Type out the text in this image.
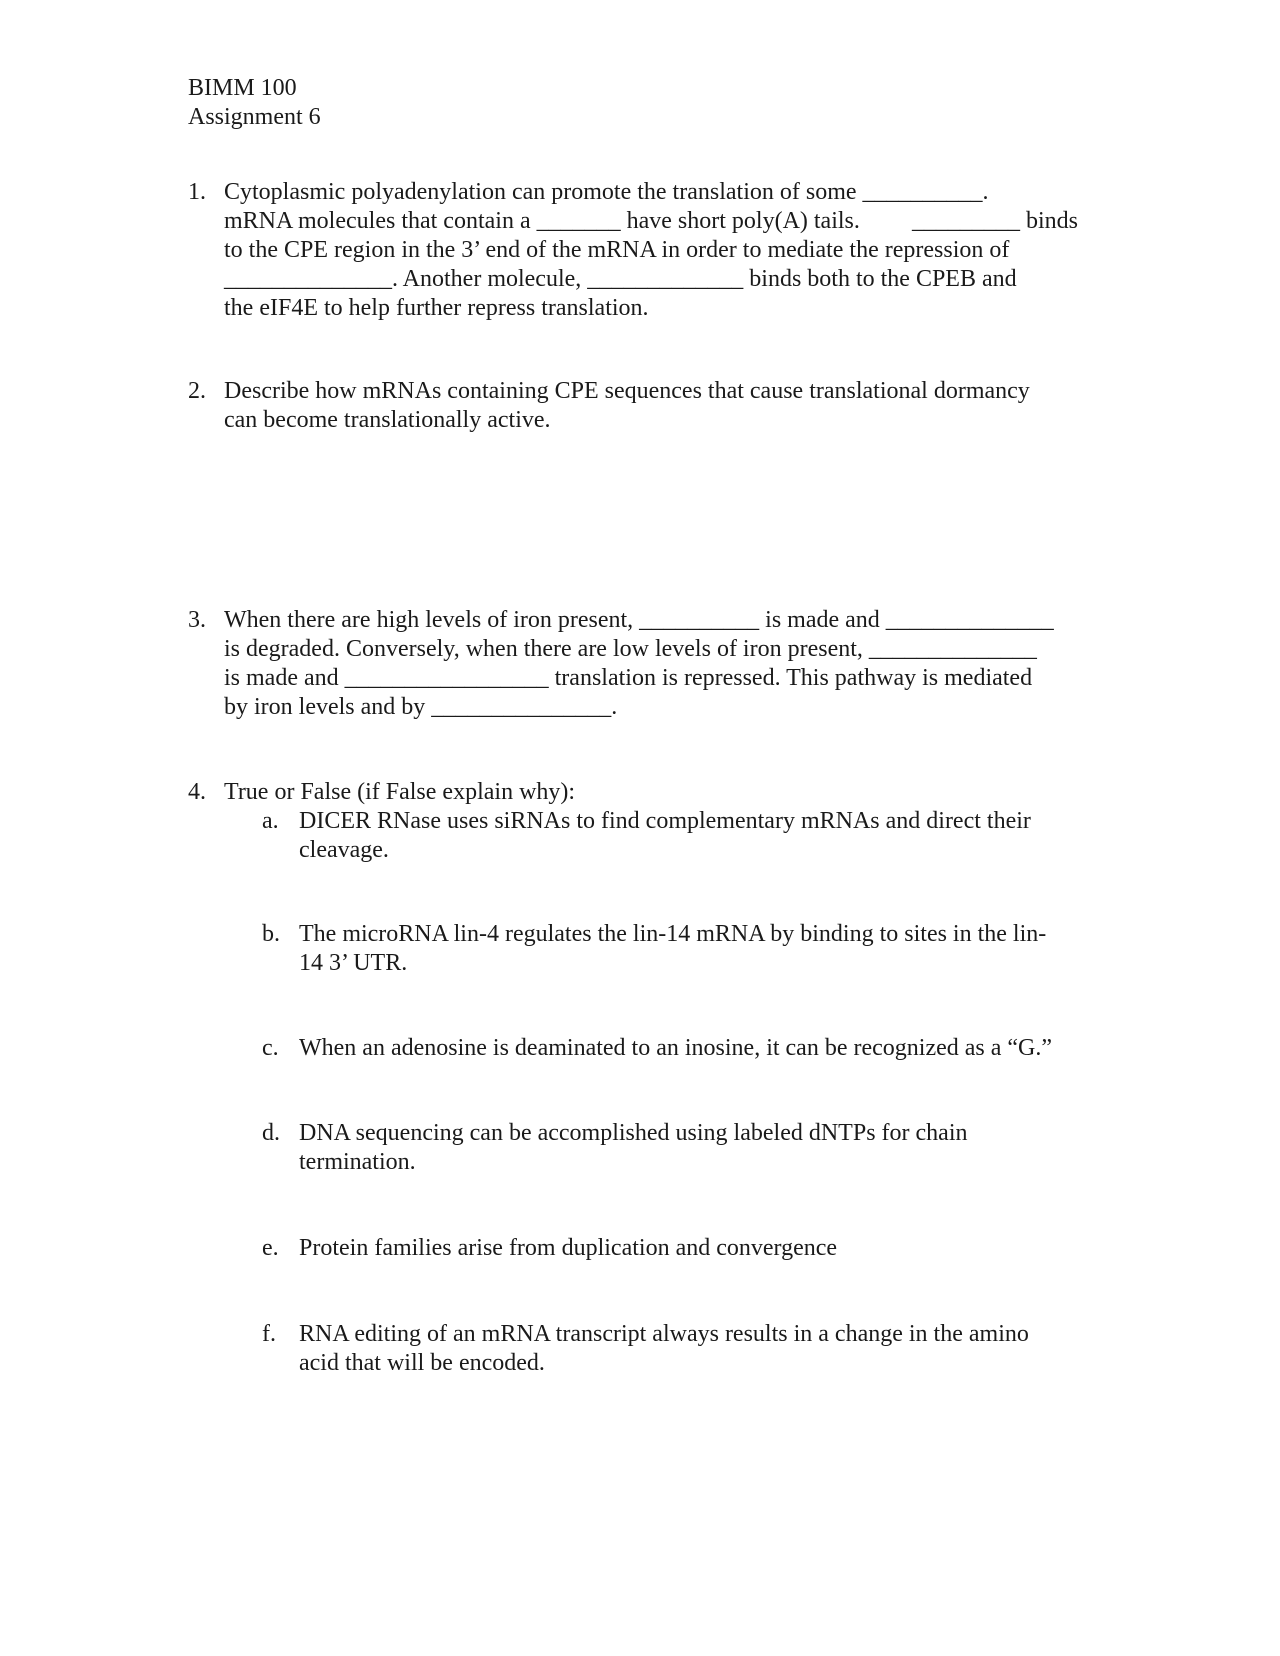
BIMM 100
Assignment 6
1. Cytoplasmic polyadenylation can promote the translation of some __________.
mRNA molecules that contain a _______ have short poly(A) tails. _________ binds
to the CPE region in the 3’ end of the mRNA in order to mediate the repression of
______________. Another molecule, _____________ binds both to the CPEB and
the eIF4E to help further repress translation.
2. Describe how mRNAs containing CPE sequences that cause translational dormancy
can become translationally active.
3. When there are high levels of iron present, __________ is made and ______________
is degraded. Conversely, when there are low levels of iron present, ______________
is made and _________________ translation is repressed. This pathway is mediated
by iron levels and by _______________.
4. True or False (if False explain why):
a. DICER RNase uses siRNAs to find complementary mRNAs and direct their
cleavage.
b. The microRNA lin-4 regulates the lin-14 mRNA by binding to sites in the lin-
14 3’ UTR.
c. When an adenosine is deaminated to an inosine, it can be recognized as a “G.”
d. DNA sequencing can be accomplished using labeled dNTPs for chain
termination.
e. Protein families arise from duplication and convergence
f. RNA editing of an mRNA transcript always results in a change in the amino
acid that will be encoded.
